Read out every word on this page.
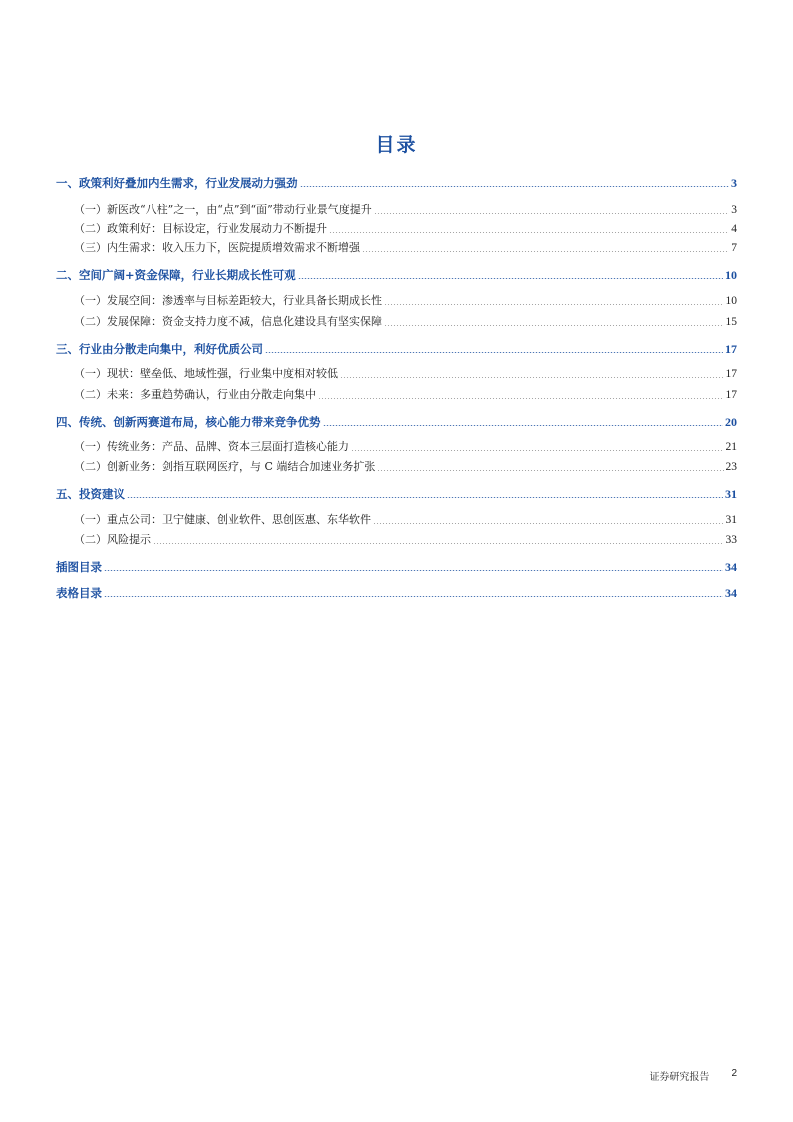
目录
一、政策利好叠加内生需求，行业发展动力强劲	3
（一）新医改“八柱”之一，由“点”到“面”带动行业景气度提升	3
（二）政策利好：目标设定，行业发展动力不断提升	4
（三）内生需求：收入压力下，医院提质增效需求不断增强	7
二、空间广阔+资金保障，行业长期成长性可观	10
（一）发展空间：渗透率与目标差距较大，行业具备长期成长性	10
（二）发展保障：资金支持力度不减，信息化建设具有坚实保障	15
三、行业由分散走向集中，利好优质公司	17
（一）现状：壁垒低、地域性强，行业集中度相对较低	17
（二）未来：多重趋势确认，行业由分散走向集中	17
四、传统、创新两赛道布局，核心能力带来竞争优势	20
（一）传统业务：产品、品牌、资本三层面打造核心能力	21
（二）创新业务：剑指互联网医疗，与 C 端结合加速业务扩张	23
五、投资建议	31
（一）重点公司：卫宁健康、创业软件、思创医惠、东华软件	31
（二）风险提示	33
插图目录	34
表格目录	34
证券研究报告 2
